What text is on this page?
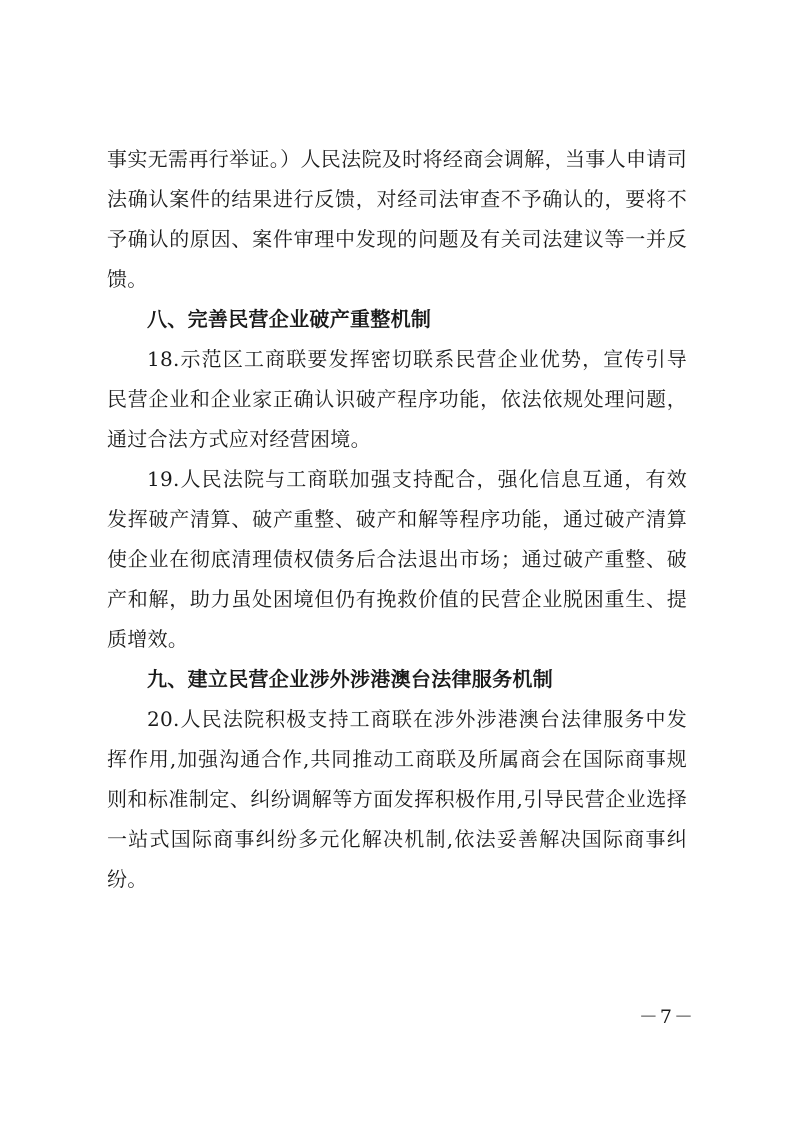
事实无需再行举证。）人民法院及时将经商会调解，当事人申请司法确认案件的结果进行反馈，对经司法审查不予确认的，要将不予确认的原因、案件审理中发现的问题及有关司法建议等一并反馈。

八、完善民营企业破产重整机制

18.示范区工商联要发挥密切联系民营企业优势，宣传引导民营企业和企业家正确认识破产程序功能，依法依规处理问题，通过合法方式应对经营困境。

19.人民法院与工商联加强支持配合，强化信息互通，有效发挥破产清算、破产重整、破产和解等程序功能，通过破产清算使企业在彻底清理债权债务后合法退出市场；通过破产重整、破产和解，助力虽处困境但仍有挽救价值的民营企业脱困重生、提质增效。

九、建立民营企业涉外涉港澳台法律服务机制

20.人民法院积极支持工商联在涉外涉港澳台法律服务中发挥作用,加强沟通合作,共同推动工商联及所属商会在国际商事规则和标准制定、纠纷调解等方面发挥积极作用,引导民营企业选择一站式国际商事纠纷多元化解决机制,依法妥善解决国际商事纠纷。

－7－
